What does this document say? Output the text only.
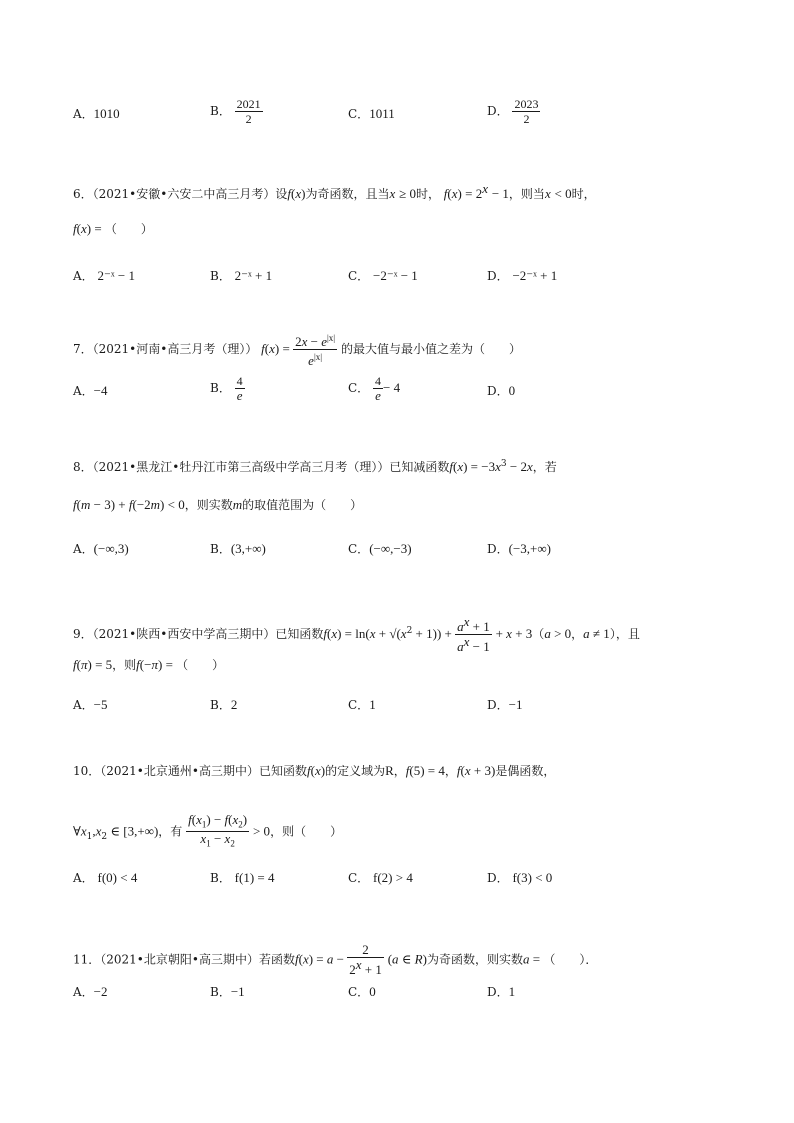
A．1010	B． $\frac{2021}{2}$	C．1011	D． $\frac{2023}{2}$
6．（2021•安徽•六安二中高三月考）设f(x)为奇函数，且当x ≥ 0时， $f(x) = 2^x - 1$，则当x < 0时，
f(x) = （　　）
A． 2⁻ˣ − 1	B． 2⁻ˣ + 1	C． −2⁻ˣ − 1	D． −2⁻ˣ + 1
7．（2021•河南•高三月考（理）） $f(x) = \frac{2x - e^{|x|}}{e^{|x|}}$ 的最大值与最小值之差为（　　）
A．−4	B． $\frac{4}{e}$	C． $\frac{4}{e} - 4$	D．0
8．（2021•黑龙江•牡丹江市第三高级中学高三月考（理））已知减函数$f(x) = -3x^3 - 2x$，若
f(m − 3) + f(−2m) < 0，则实数m的取值范围为（　　）
A．(−∞,3)	B．(3,+∞)	C．(−∞,−3)	D．(−3,+∞)
9．（2021•陕西•西安中学高三期中）已知函数$f(x) = \ln(x + √(x^2 + 1)) + \frac{a^x + 1}{a^x - 1} + x + 3(a > 0$，a ≠ 1），且
f(π) = 5，则f(−π) = （　　）
A．−5	B．2	C．1	D．−1
10．（2021•北京通州•高三期中）已知函数f(x)的定义域为R，f(5) = 4，f(x + 3)是偶函数，
$\forall x_1,x_2$ ∈ [3,+∞)，有 $\frac{f(x_1) - f(x_2)}{x_1 - x_2} > 0$，则（　　）
A． f(0) < 4	B． f(1) = 4	C． f(2) > 4	D． f(3) < 0
11．（2021•北京朝阳•高三期中）若函数$f(x) = a - \frac{2}{2^x + 1} (a$ ∈ R)为奇函数，则实数a = （　　）．
A．−2	B．−1	C．0	D．1
